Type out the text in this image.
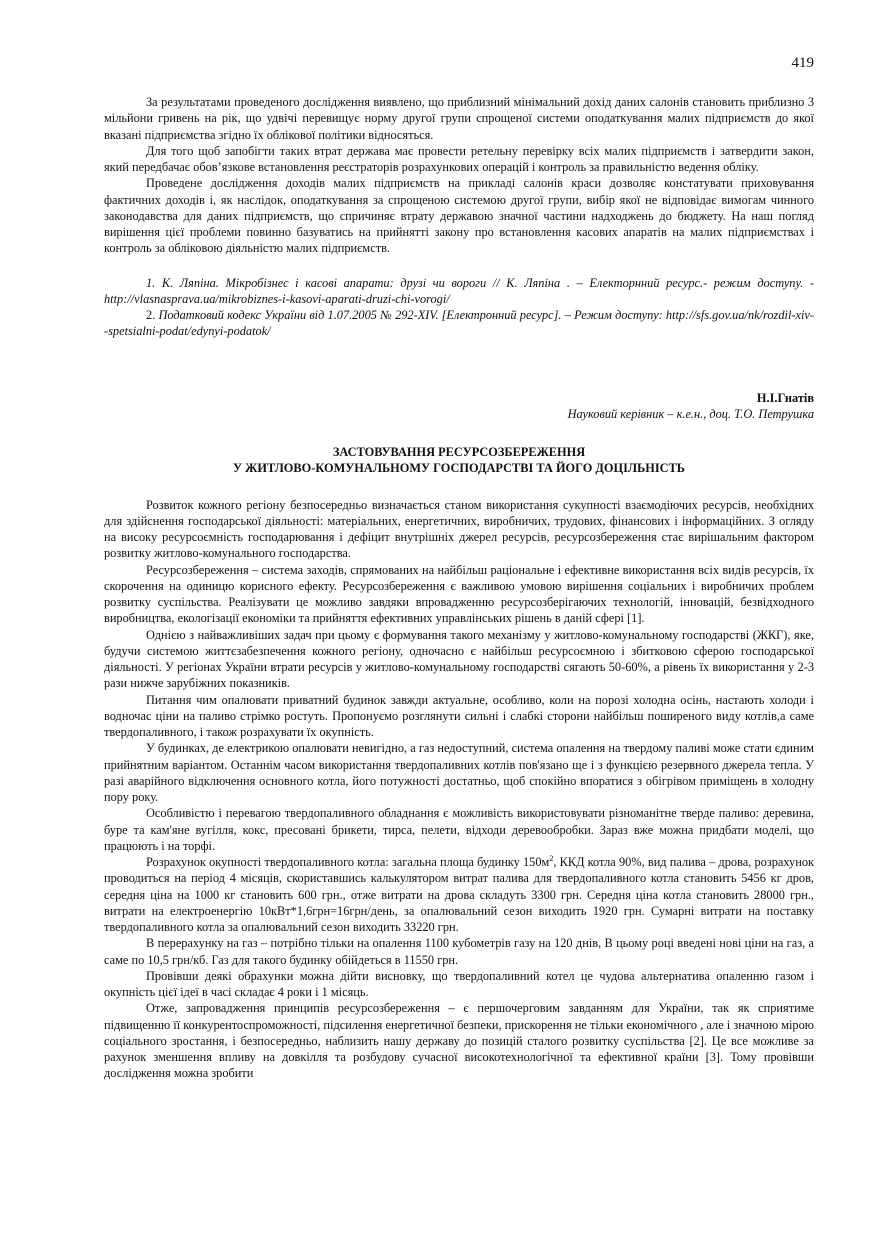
419

За результатами проведеного дослідження виявлено, що приблизний мінімальний дохід даних салонів становить приблизно 3 мільйони гривень на рік, що удвічі перевищує норму другої групи спрощеної системи оподаткування малих підприємств до якої вказані підприємства згідно їх облікової політики відносяться.

Для того щоб запобігти таких втрат держава має провести ретельну перевірку всіх малих підприємств і затвердити закон, який передбачає обов’язкове встановлення реєстраторів розрахункових операцій і контроль за правильністю ведення обліку.

Проведене дослідження доходів малих підприємств на прикладі салонів краси дозволяє констатувати приховування фактичних доходів і, як наслідок, оподаткування за спрощеною системою другої групи, вибір якої не відповідає вимогам чинного законодавства для даних підприємств, що спричиняє втрату державою значної частини надходжень до бюджету. На наш погляд вирішення цієї проблеми повинно базуватись на прийнятті закону про встановлення касових апаратів на малих підприємствах і контроль за обліковою діяльністю малих підприємств.

1. К. Ляпіна. Мікробізнес і касові апарати: друзі чи вороги // К. Ляпіна . – Електорнний ресурс.- режим доступу. - http://vlasnasprava.ua/mikrobiznes-i-kasovi-aparati-druzi-chi-vorogi/

2. Податковий кодекс України від 1.07.2005 № 292-XIV. [Електронний ресурс]. – Режим доступу: http://sfs.gov.ua/nk/rozdil-xiv--spetsialni-podat/edynyi-podatok/

Н.І.Гнатів
Науковий керівник – к.е.н., доц. Т.О. Петрушка
ЗАСТОВУВАННЯ РЕСУРСОЗБЕРЕЖЕННЯ
У ЖИТЛОВО-КОМУНАЛЬНОМУ ГОСПОДАРСТВІ ТА ЙОГО ДОЦІЛЬНІСТЬ

Розвиток кожного регіону безпосередньо визначається станом використання сукупності взаємодіючих ресурсів, необхідних для здійснення господарської діяльності: матеріальних, енергетичних, виробничих, трудових, фінансових і інформаційних. З огляду на високу ресурсоємність господарювання і дефіцит внутрішніх джерел ресурсів, ресурсозбереження стає вирішальним фактором розвитку житлово-комунального господарства.

Ресурсозбереження – система заходів, спрямованих на найбільш раціональне і ефективне використання всіх видів ресурсів, їх скорочення на одиницю корисного ефекту. Ресурсозбереження є важливою умовою вирішення соціальних і виробничих проблем розвитку суспільства. Реалізувати це можливо завдяки впровадженню ресурсозберігаючих технологій, інновацій, безвідходного виробництва, екологізації економіки та прийняття ефективних управлінських рішень в даній сфері [1].

Однією з найважливіших задач при цьому є формування такого механізму у житлово-комунальному господарстві (ЖКГ), яке, будучи системою життєзабезпечення кожного регіону, одночасно є найбільш ресурсоємною і збитковою сферою господарської діяльності. У регіонах України втрати ресурсів у житлово-комунальному господарстві сягають 50-60%, а рівень їх використання у 2-3 рази нижче зарубіжних показників.

Питання чим опалювати приватний будинок завжди актуальне, особливо, коли на порозі холодна осінь, настають холоди і водночас ціни на паливо стрімко ростуть. Пропонуємо розглянути сильні і слабкі сторони найбільш поширеного виду котлів,а саме твердопаливного, і також розрахувати їх окупність.

У будинках, де електрикою опалювати невигідно, а газ недоступний, система опалення на твердому паливі може стати єдиним прийнятним варіантом. Останнім часом використання твердопаливних котлів пов'язано ще і з функцією резервного джерела тепла. У разі аварійного відключення основного котла, його потужності достатньо, щоб спокійно впоратися з обігрівом приміщень в холодну пору року.

Особливістю і перевагою твердопаливного обладнання є можливість використовувати різноманітне тверде паливо: деревина, буре та кам'яне вугілля, кокс, пресовані брикети, тирса, пелети, відходи деревообробки. Зараз вже можна придбати моделі, що працюють і на торфі.

Розрахунок окупності твердопаливного котла: загальна площа будинку $150м^2$, ККД котла 90%, вид палива – дрова, розрахунок проводиться на період 4 місяців, скориставшись калькулятором витрат палива для твердопаливного котла становить 5456 кг дров, середня ціна на 1000 кг становить 600 грн., отже витрати на дрова складуть 3300 грн. Середня ціна котла становить 28000 грн., витрати на електроенергію 10кВт*1,6грн=16грн/день, за опалювальний сезон виходить 1920 грн. Сумарні витрати на поставку твердопаливного котла за опалювальний сезон виходить 33220 грн.

В перерахунку на газ – потрібно тільки на опалення 1100 кубометрів газу на 120 днів, В цьому році введені нові ціни на газ, а саме по 10,5 грн/кб. Газ для такого будинку обійдеться в 11550 грн.

Провівши деякі обрахунки можна дійти висновку, що твердопаливний котел це чудова альтернатива опаленню газом і окупність цієї ідеї в часі складає 4 роки і 1 місяць.

Отже, запровадження принципів ресурсозбереження – є першочерговим завданням для України, так як сприятиме підвищенню її конкурентоспроможності, підсилення енергетичної безпеки, прискорення не тільки економічного , але і значною мірою соціального зростання, і безпосередньо, наблизить нашу державу до позицій сталого розвитку суспільства [2]. Це все можливе за рахунок зменшення впливу на довкілля та розбудову сучасної високотехнологічної та ефективної країни [3]. Тому провівши дослідження можна зробити
